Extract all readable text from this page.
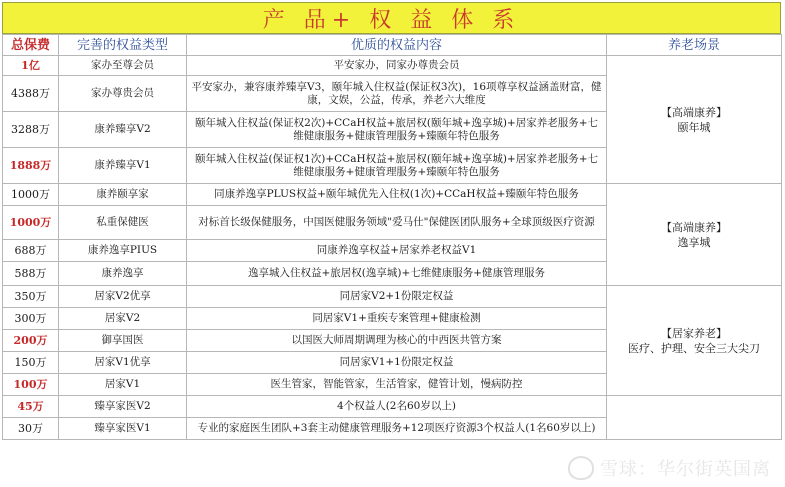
产 品+ 权 益 体 系
总保费	完善的权益类型	优质的权益内容	养老场景
1亿	家办至尊会员	平安家办，同家办尊贵会员	【高端康养】
颐年城

4388万	家办尊贵会员	平安家办，兼容康养臻享V3，颐年城入住权益(保证权3次)，16项尊享权益涵盖财富，健康，文娱，公益，传承，养老六大维度	
3288万	康养臻享V2	颐年城入住权益(保证权2次)+CCaH权益+旅居权(颐年城+逸享城)+居家养老服务+七维健康服务+健康管理服务+臻颐年特色服务	
1888万	康养臻享V1	颐年城入住权益(保证权1次)+CCaH权益+旅居权(颐年城+逸享城)+居家养老服务+七维健康服务+健康管理服务+臻颐年特色服务	
1000万	康养颐享家	同康养逸享PLUS权益+颐年城优先入住权(1次)+CCaH权益+臻颐年特色服务	【高端康养】
逸享城

1000万	私重保健医	对标首长级保健服务，中国医健服务领域"爱马仕"保健医团队服务+全球顶级医疗资源	
688万	康养逸享PIUS	同康养逸享权益+居家养老权益V1	
588万	康养逸享	逸享城入住权益+旅居权(逸享城)+七维健康服务+健康管理服务	
350万	居家V2优享	同居家V2+1份限定权益	【居家养老】
医疗、护理、安全三大尖刀

300万	居家V2	同居家V1+重疾专案管理+健康检测	
200万	御享国医	以国医大师周期调理为核心的中西医共管方案	
150万	居家V1优享	同居家V1+1份限定权益	
100万	居家V1	医生管家，智能管家，生活管家，健管计划，慢病防控	
45万	臻享家医V2	4个权益人(2名60岁以上)	
30万	臻享家医V1	专业的家庭医生团队+3套主动健康管理服务+12项医疗资源3个权益人(1名60岁以上)	
雪球：华尔街英国离
